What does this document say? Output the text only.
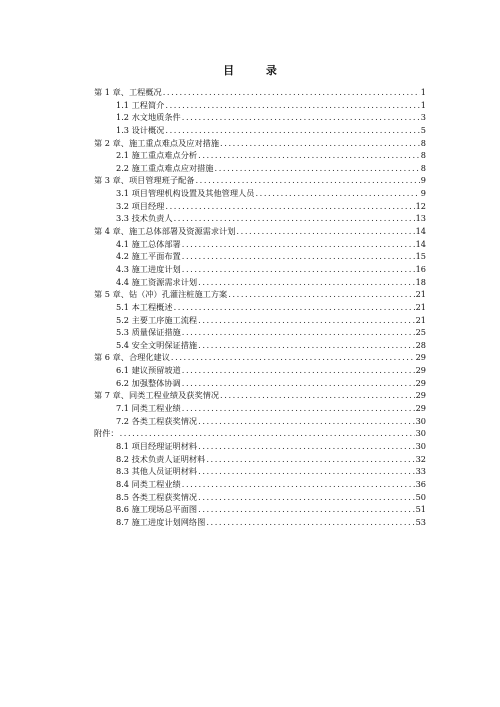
目 录
第 1 章、工程概况 .....	1
1.1 工程简介 .....	1
1.2 水文地质条件 .....	3
1.3 设计概况 .....	5
第 2 章、施工重点难点及应对措施 .....	8
2.1 施工重点难点分析 .....	8
2.2 施工重点难点应对措施 .....	8
第 3 章、项目管理班子配备 .....	9
3.1 项目管理机构设置及其他管理人员 .....	9
3.2 项目经理 .....	12
3.3 技术负责人 .....	13
第 4 章、施工总体部署及资源需求计划 .....	14
4.1 施工总体部署 .....	14
4.2 施工平面布置 .....	15
4.3 施工进度计划 .....	16
4.4 施工资源需求计划 .....	18
第 5 章、钻（冲）孔灌注桩施工方案 .....	21
5.1 本工程概述 .....	21
5.2 主要工序施工流程 .....	21
5.3 质量保证措施 .....	25
5.4 安全文明保证措施 .....	28
第 6 章、合理化建议 .....	29
6.1 建议预留坡道 .....	29
6.2 加强整体协调 .....	29
第 7 章、同类工程业绩及获奖情况 .....	29
7.1 同类工程业绩 .....	29
7.2 各类工程获奖情况 .....	30
附件： .....	30
8.1 项目经理证明材料 .....	30
8.2 技术负责人证明材料 .....	32
8.3 其他人员证明材料 .....	33
8.4 同类工程业绩 .....	36
8.5 各类工程获奖情况 .....	50
8.6 施工现场总平面图 .....	51
8.7 施工进度计划网络图 .....	53
